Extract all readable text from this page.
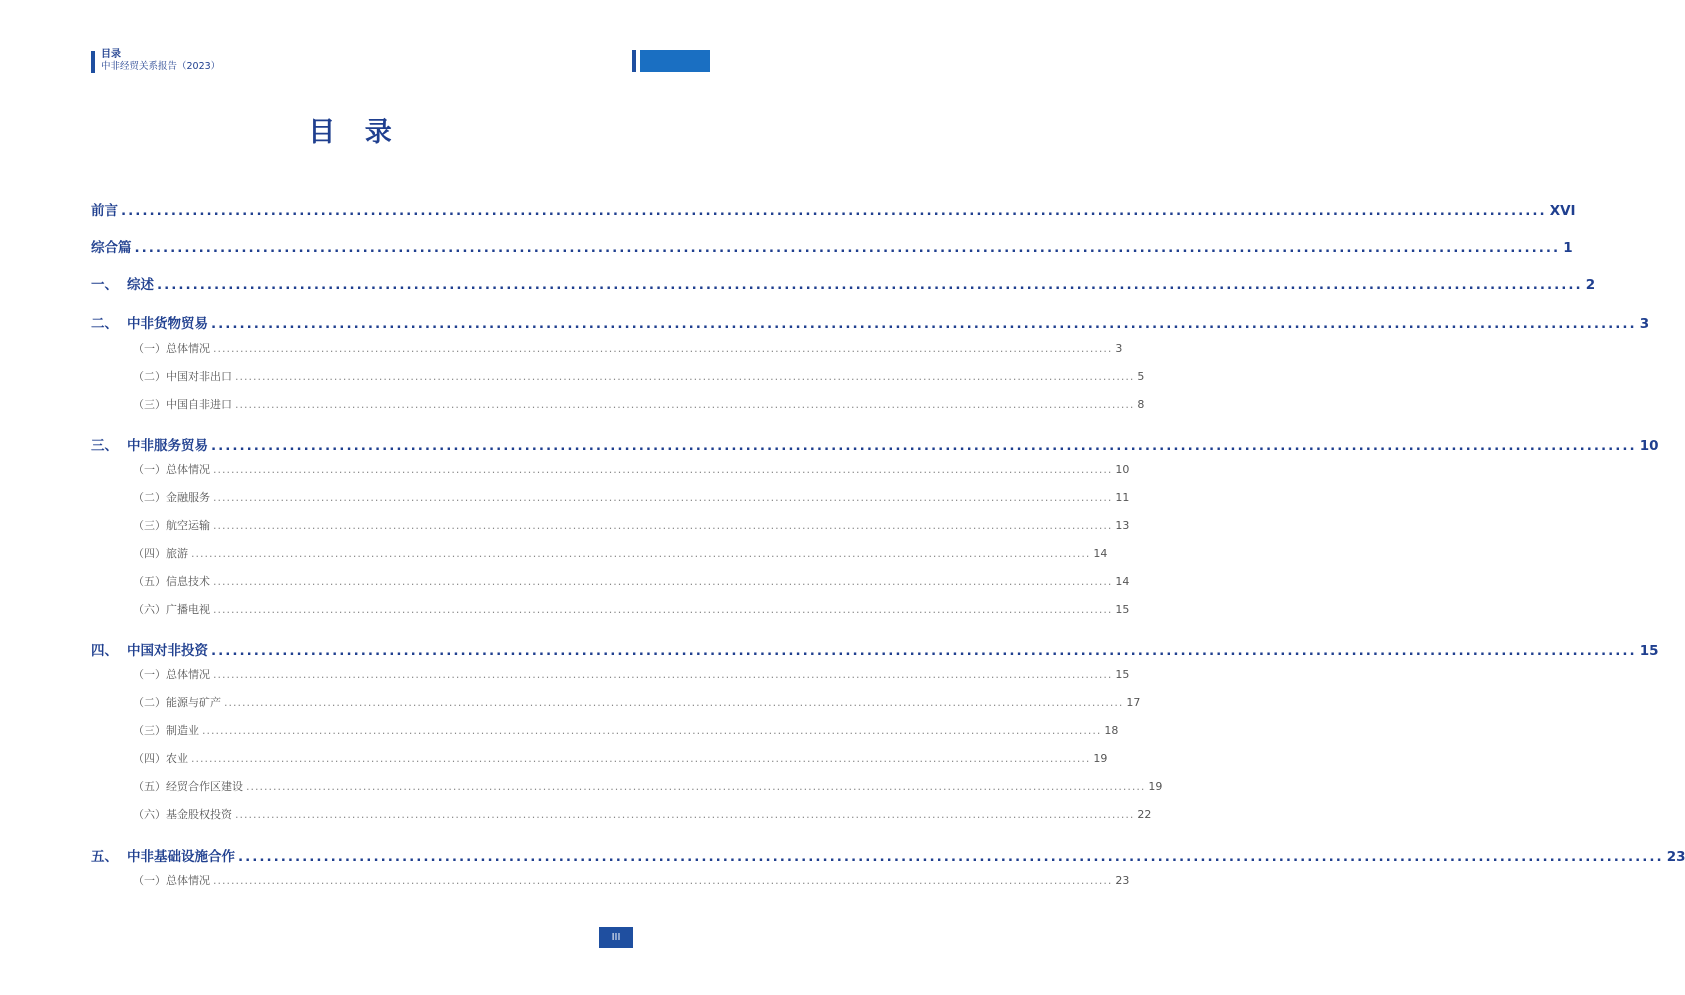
目录
中非经贸关系报告（2023）
目 录
前言 ........................................................................................................................................................................................................ XVI
综合篇 ........................................................................................................................................................................................................ 1
一、 综述 ........................................................................................................................................................................................................ 2
二、 中非货物贸易 ........................................................................................................................................................................................................ 3
（一）总体情况 ........................................................................................................................................................................................................ 3
（二）中国对非出口 ........................................................................................................................................................................................................ 5
（三）中国自非进口 ........................................................................................................................................................................................................ 8
三、 中非服务贸易 ........................................................................................................................................................................................................ 10
（一）总体情况 ........................................................................................................................................................................................................ 10
（二）金融服务 ........................................................................................................................................................................................................ 11
（三）航空运输 ........................................................................................................................................................................................................ 13
（四）旅游 ........................................................................................................................................................................................................ 14
（五）信息技术 ........................................................................................................................................................................................................ 14
（六）广播电视 ........................................................................................................................................................................................................ 15
四、 中国对非投资 ........................................................................................................................................................................................................ 15
（一）总体情况 ........................................................................................................................................................................................................ 15
（二）能源与矿产 ........................................................................................................................................................................................................ 17
（三）制造业 ........................................................................................................................................................................................................ 18
（四）农业 ........................................................................................................................................................................................................ 19
（五）经贸合作区建设 ........................................................................................................................................................................................................ 19
（六）基金股权投资 ........................................................................................................................................................................................................ 22
五、 中非基础设施合作 ........................................................................................................................................................................................................ 23
（一）总体情况 ........................................................................................................................................................................................................ 23
III
